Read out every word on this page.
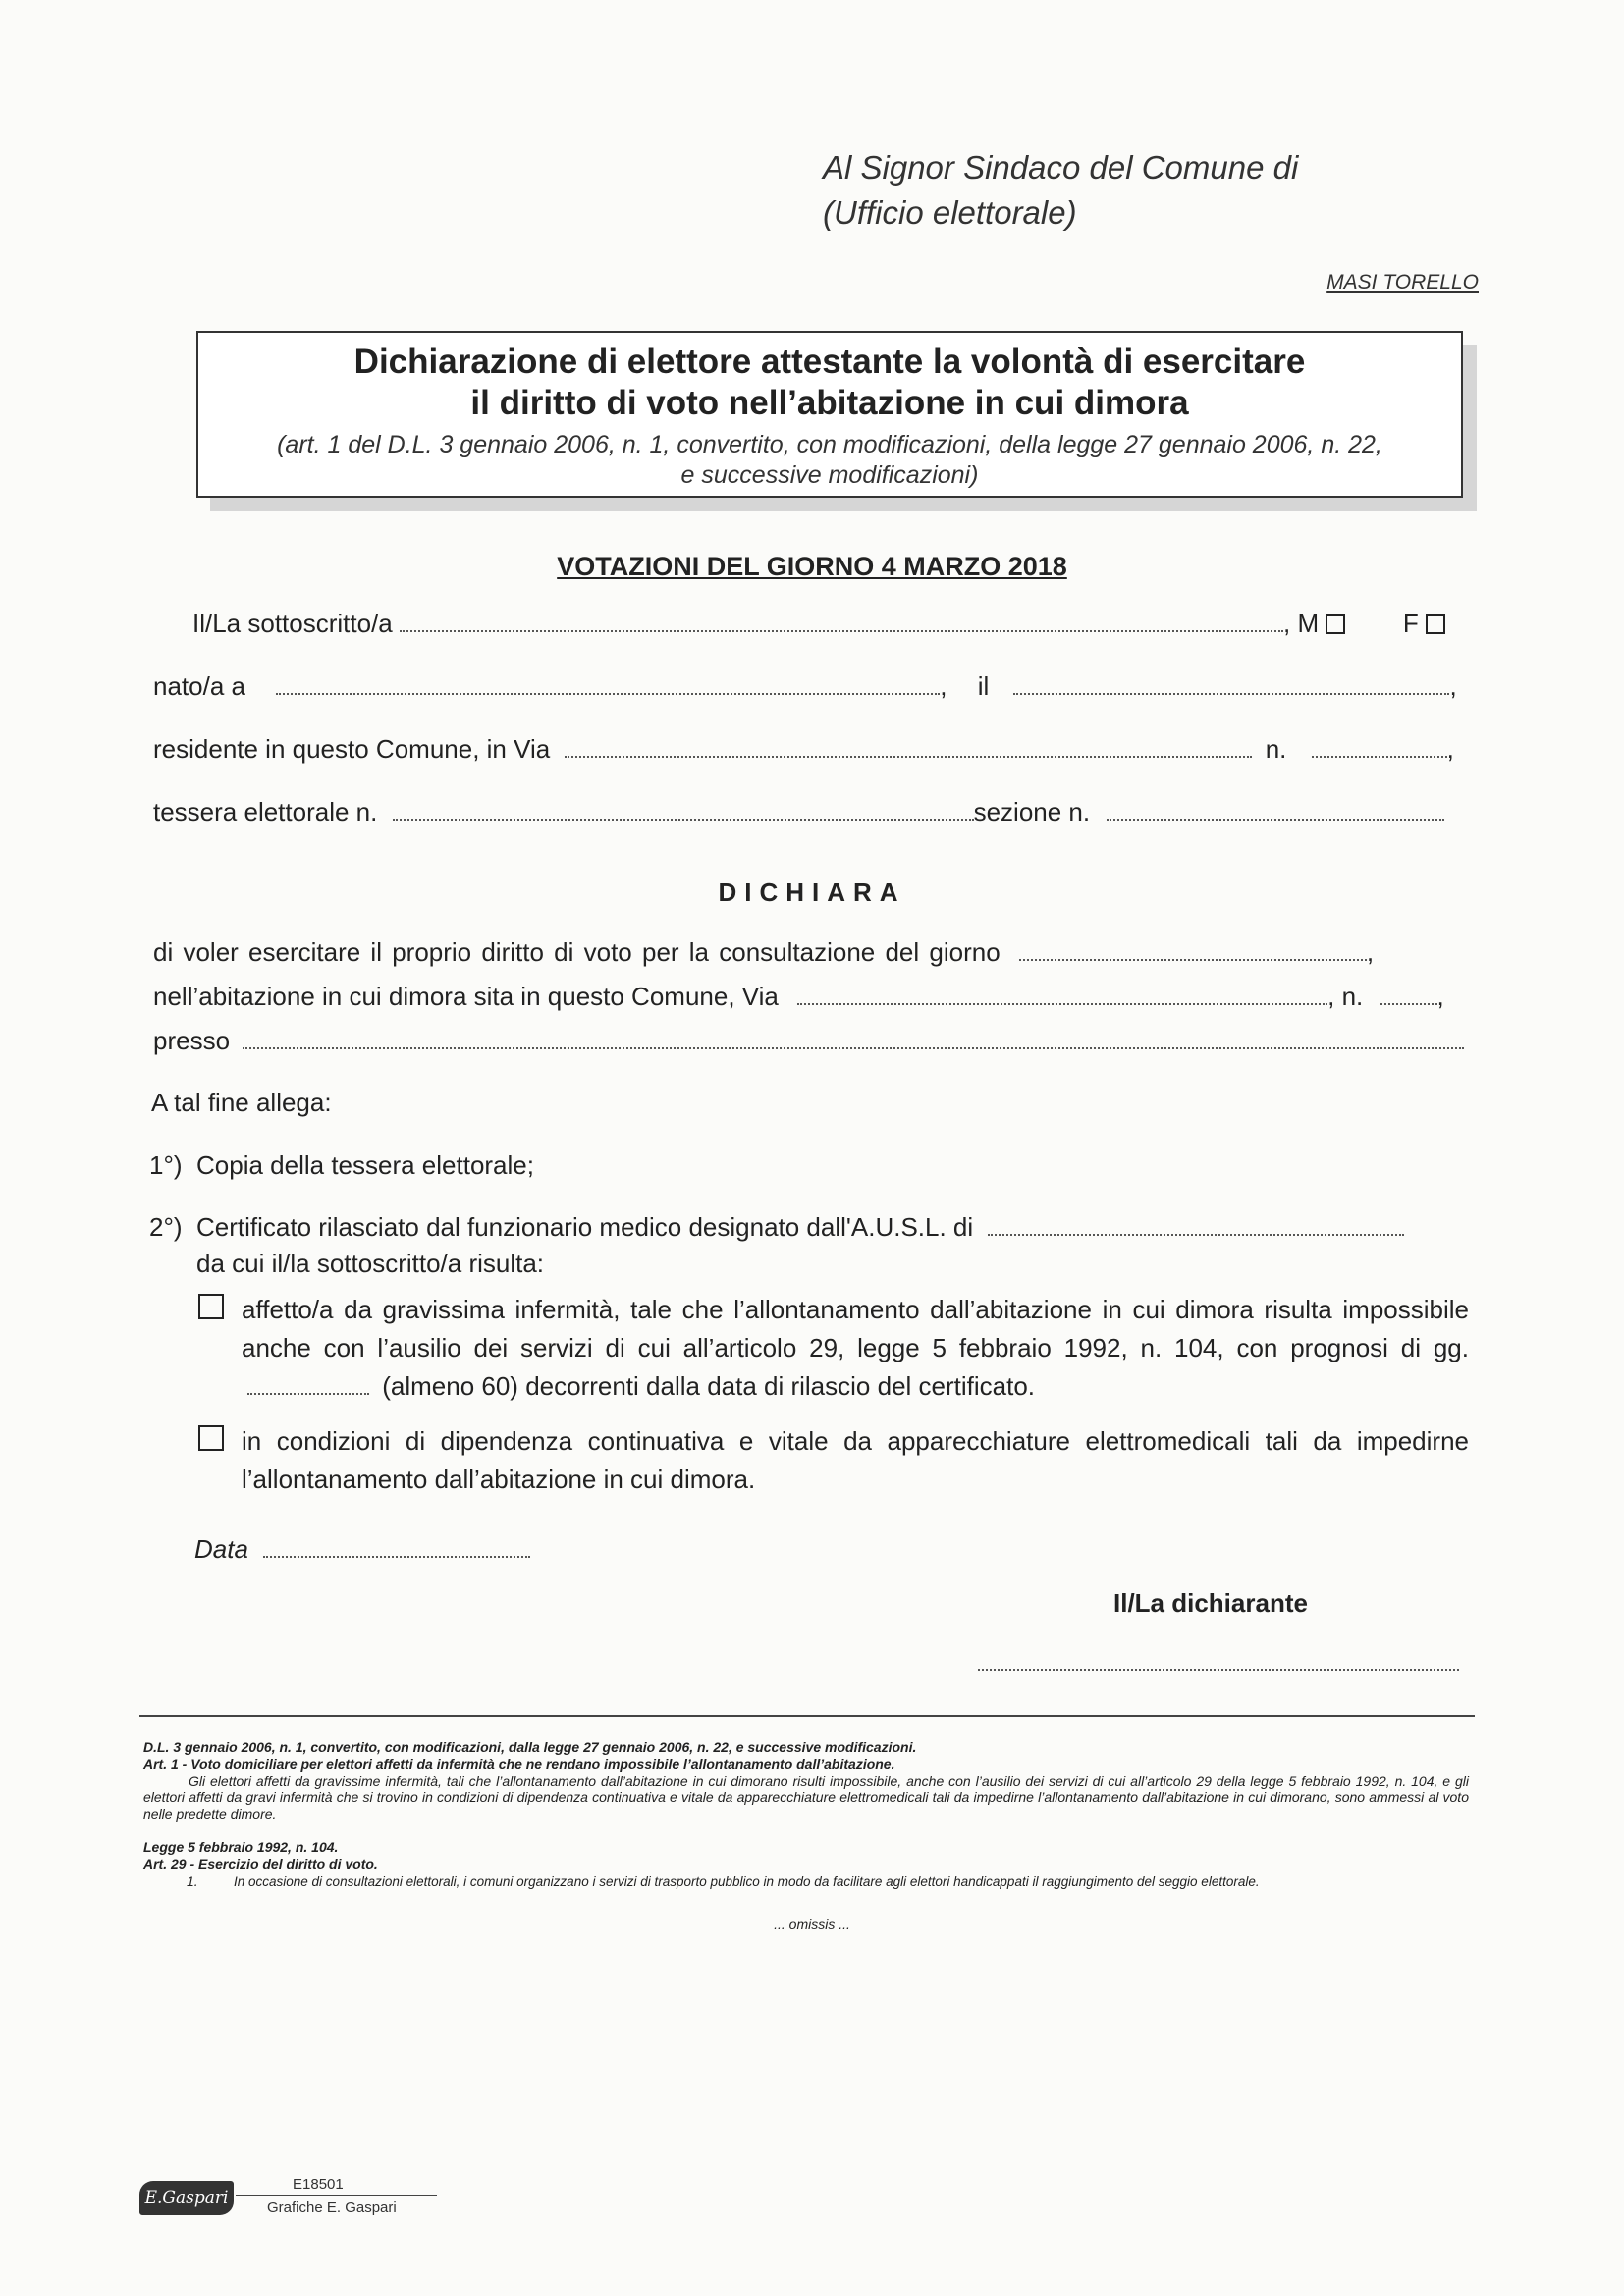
Al Signor Sindaco del Comune di
(Ufficio elettorale)
MASI TORELLO
Dichiarazione di elettore attestante la volontà di esercitare
il diritto di voto nell’abitazione in cui dimora
(art. 1 del D.L. 3 gennaio 2006, n. 1, convertito, con modificazioni, della legge 27 gennaio 2006, n. 22,
e successive modificazioni)
VOTAZIONI DEL GIORNO 4 MARZO 2018
Il/La sottoscritto/a	, M	F
nato/a a	, il	,
residente in questo Comune, in Via	n.	,
tessera elettorale n.	sezione n.
DICHIARA
di voler esercitare il proprio diritto di voto per la consultazione del giorno	,
nell’abitazione in cui dimora sita in questo Comune, Via	, n.	,
presso
A tal fine allega:
1°) Copia della tessera elettorale;
2°) Certificato rilasciato dal funzionario medico designato dall'A.U.S.L. di
da cui il/la sottoscritto/a risulta:
affetto/a da gravissima infermità, tale che l’allontanamento dall’abitazione in cui dimora risulta impossibile anche con l’ausilio dei servizi di cui all’articolo 29, legge 5 febbraio 1992, n. 104, con prognosi di gg.  (almeno 60) decorrenti dalla data di rilascio del certificato.
in condizioni di dipendenza continuativa e vitale da apparecchiature elettromedicali tali da impedirne l’allontanamento dall’abitazione in cui dimora.
Data
Il/La dichiarante
D.L. 3 gennaio 2006, n. 1, convertito, con modificazioni, dalla legge 27 gennaio 2006, n. 22, e successive modificazioni.
Art. 1 - Voto domiciliare per elettori affetti da infermità che ne rendano impossibile l’allontanamento dall’abitazione.
Gli elettori affetti da gravissime infermità, tali che l’allontanamento dall’abitazione in cui dimorano risulti impossibile, anche con l’ausilio dei servizi di cui all’articolo 29 della legge 5 febbraio 1992, n. 104, e gli elettori affetti da gravi infermità che si trovino in condizioni di dipendenza continuativa e vitale da apparecchiature elettromedicali tali da impedirne l’allontanamento dall’abitazione in cui dimorano, sono ammessi al voto nelle predette dimore.
Legge 5 febbraio 1992, n. 104.
Art. 29 - Esercizio del diritto di voto.
1.	In occasione di consultazioni elettorali, i comuni organizzano i servizi di trasporto pubblico in modo da facilitare agli elettori handicappati il raggiungimento del seggio elettorale.
... omissis ...
E.Gaspari
E18501
Grafiche E. Gaspari
